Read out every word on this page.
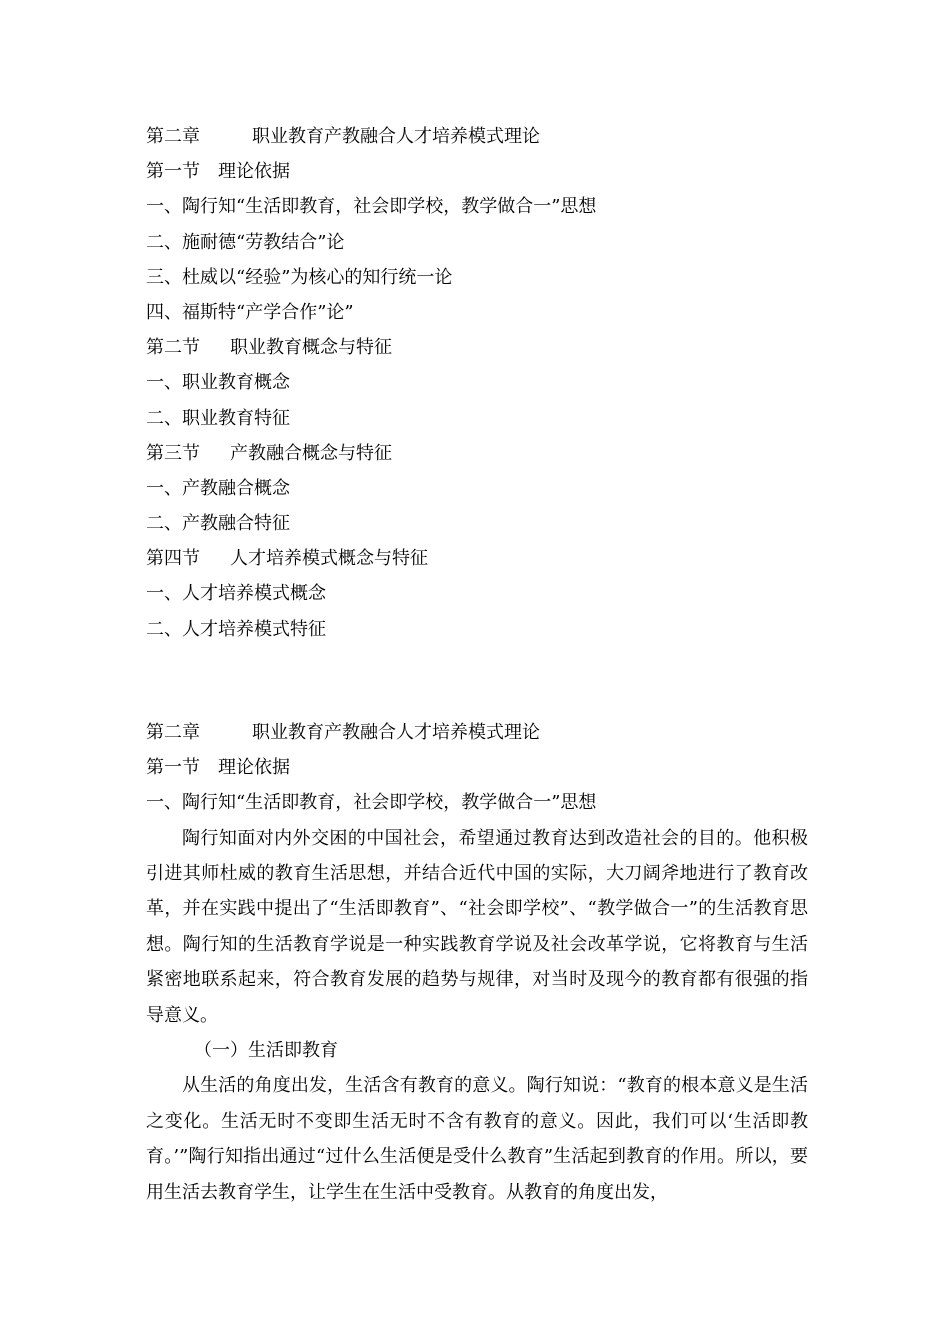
第二章	职业教育产教融合人才培养模式理论
第一节 理论依据
一、陶行知“生活即教育，社会即学校，教学做合一”思想
二、施耐德“劳教结合”论
三、杜威以“经验”为核心的知行统一论
四、福斯特“产学合作”论”
第二节 职业教育概念与特征
一、职业教育概念
二、职业教育特征
第三节 产教融合概念与特征
一、产教融合概念
二、产教融合特征
第四节 人才培养模式概念与特征
一、人才培养模式概念
二、人才培养模式特征
第二章	职业教育产教融合人才培养模式理论
第一节 理论依据
一、陶行知“生活即教育，社会即学校，教学做合一”思想

陶行知面对内外交困的中国社会，希望通过教育达到改造社会的目的。他积极引进其师杜威的教育生活思想，并结合近代中国的实际，大刀阔斧地进行了教育改革，并在实践中提出了“生活即教育”、“社会即学校”、“教学做合一”的生活教育思想。陶行知的生活教育学说是一种实践教育学说及社会改革学说，它将教育与生活紧密地联系起来，符合教育发展的趋势与规律，对当时及现今的教育都有很强的指导意义。

（一）生活即教育

从生活的角度出发，生活含有教育的意义。陶行知说：“教育的根本意义是生活之变化。生活无时不变即生活无时不含有教育的意义。因此，我们可以‘生活即教育。’”陶行知指出通过“过什么生活便是受什么教育”生活起到教育的作用。所以，要用生活去教育学生，让学生在生活中受教育。从教育的角度出发，
